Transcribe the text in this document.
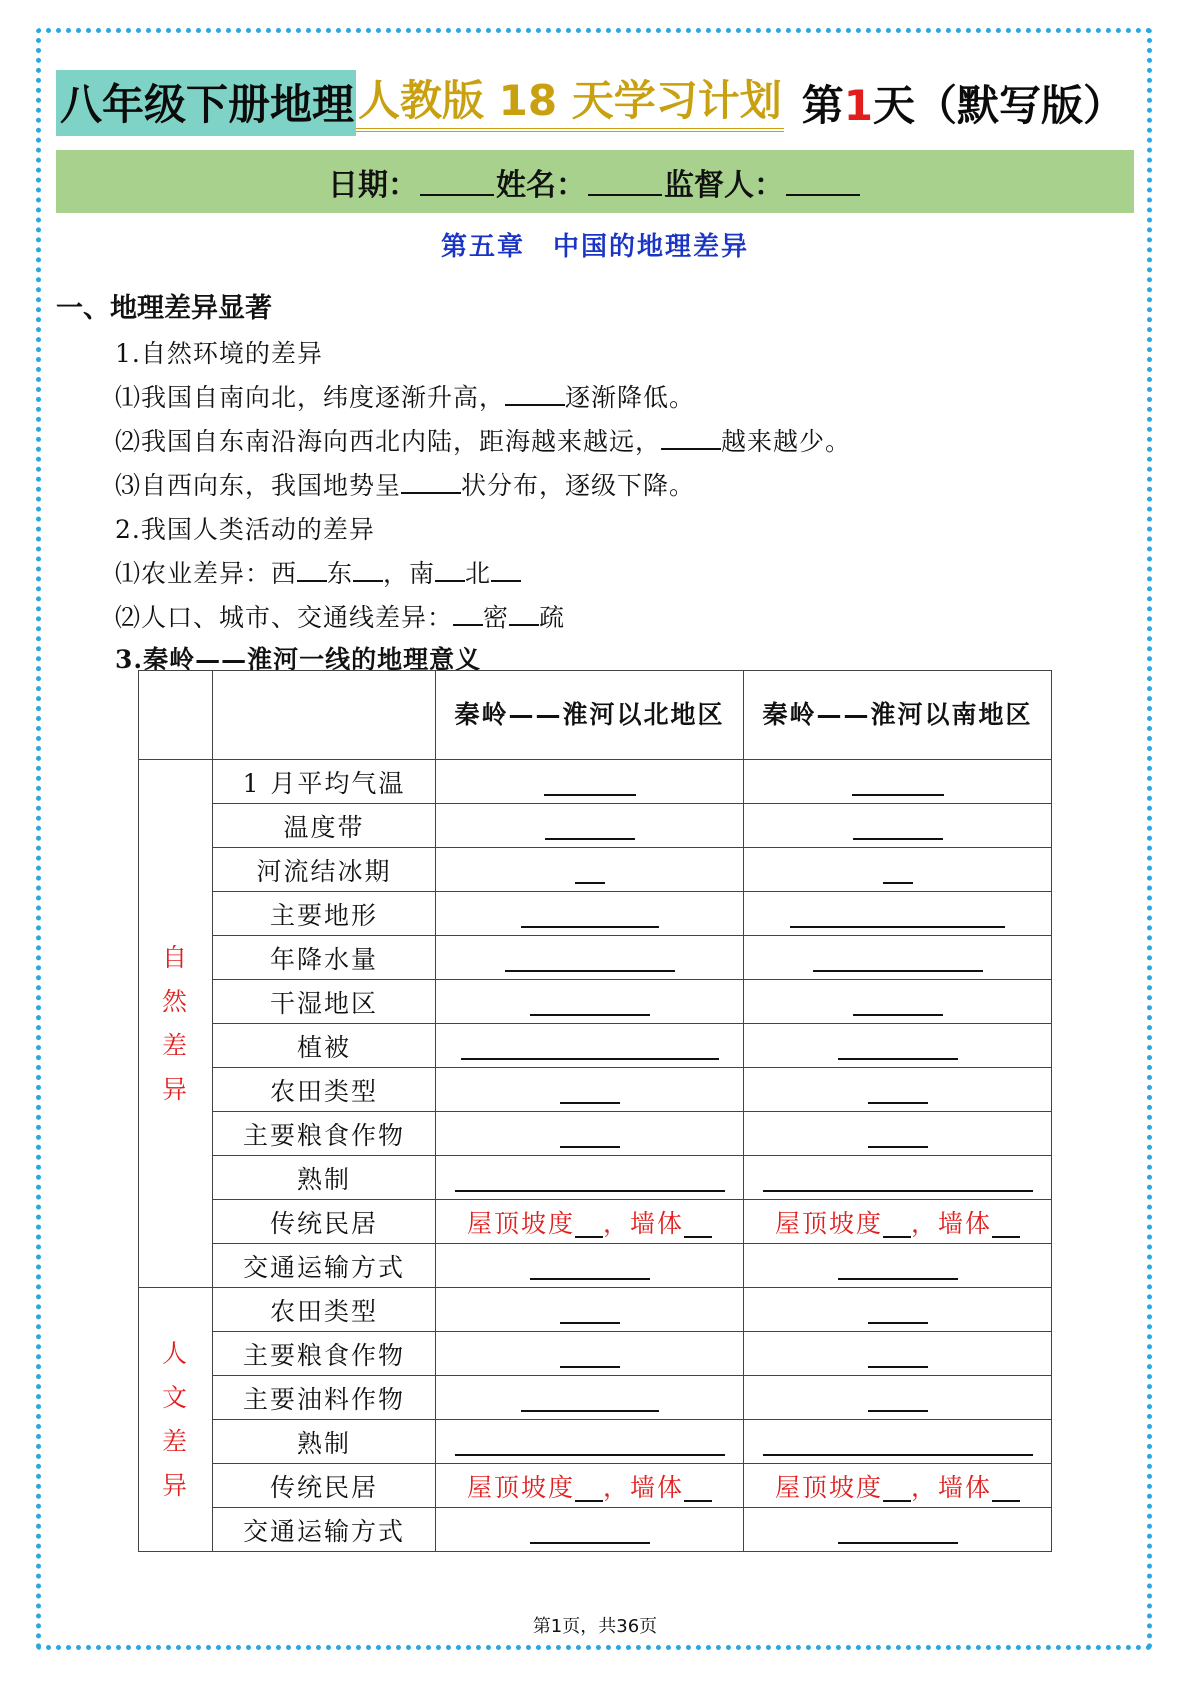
八年级下册地理 人教版 18 天学习计划 第1天（默写版）
日期：	姓名：	监督人：
第五章　中国的地理差异
一、地理差异显著
1.自然环境的差异
⑴我国自南向北，纬度逐渐升高， 逐渐降低。
⑵我国自东南沿海向西北内陆，距海越来越远， 越来越少。
⑶自西向东，我国地势呈 状分布，逐级下降。
2.我国人类活动的差异
⑴农业差异：西 东 ，南 北
⑵人口、城市、交通线差异： 密 疏
3.秦岭——淮河一线的地理意义
		秦岭——淮河以北地区	秦岭——淮河以南地区
自然差异	1 月平均气温		
	温度带		
	河流结冰期		
	主要地形		
	年降水量		
	干湿地区		
	植被		
	农田类型		
	主要粮食作物		
	熟制		
	传统民居	屋顶坡度 ，墙体	屋顶坡度 ，墙体
	交通运输方式		
人文差异	农田类型		
	主要粮食作物		
	主要油料作物		
	熟制		
	传统民居	屋顶坡度 ，墙体	屋顶坡度 ，墙体
	交通运输方式		
第1页，共36页
